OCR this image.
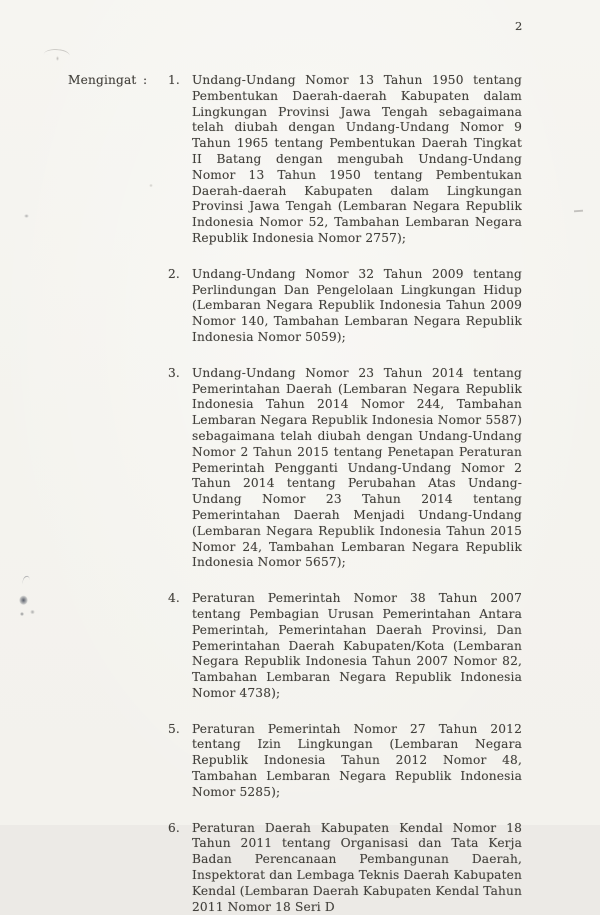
2
Mengingat :	1. Undang-Undang Nomor 13 Tahun 1950 tentang Pembentukan Daerah-daerah Kabupaten dalam Lingkungan Provinsi Jawa Tengah sebagaimana telah diubah dengan Undang-Undang Nomor 9 Tahun 1965 tentang Pembentukan Daerah Tingkat II Batang dengan mengubah Undang-Undang Nomor 13 Tahun 1950 tentang Pembentukan Daerah-daerah Kabupaten dalam Lingkungan Provinsi Jawa Tengah (Lembaran Negara Republik Indonesia Nomor 52, Tambahan Lembaran Negara Republik Indonesia Nomor 2757);
2. Undang-Undang Nomor 32 Tahun 2009 tentang Perlindungan Dan Pengelolaan Lingkungan Hidup (Lembaran Negara Republik Indonesia Tahun 2009 Nomor 140, Tambahan Lembaran Negara Republik Indonesia Nomor 5059);
3. Undang-Undang Nomor 23 Tahun 2014 tentang Pemerintahan Daerah (Lembaran Negara Republik Indonesia Tahun 2014 Nomor 244, Tambahan Lembaran Negara Republik Indonesia Nomor 5587) sebagaimana telah diubah dengan Undang-Undang Nomor 2 Tahun 2015 tentang Penetapan Peraturan Pemerintah Pengganti Undang-Undang Nomor 2 Tahun 2014 tentang Perubahan Atas Undang-Undang Nomor 23 Tahun 2014 tentang Pemerintahan Daerah Menjadi Undang-Undang (Lembaran Negara Republik Indonesia Tahun 2015 Nomor 24, Tambahan Lembaran Negara Republik Indonesia Nomor 5657);
4. Peraturan Pemerintah Nomor 38 Tahun 2007 tentang Pembagian Urusan Pemerintahan Antara Pemerintah, Pemerintahan Daerah Provinsi, Dan Pemerintahan Daerah Kabupaten/Kota (Lembaran Negara Republik Indonesia Tahun 2007 Nomor 82, Tambahan Lembaran Negara Republik Indonesia Nomor 4738);
5. Peraturan Pemerintah Nomor 27 Tahun 2012 tentang Izin Lingkungan (Lembaran Negara Republik Indonesia Tahun 2012 Nomor 48, Tambahan Lembaran Negara Republik Indonesia Nomor 5285);
6. Peraturan Daerah Kabupaten Kendal Nomor 18 Tahun 2011 tentang Organisasi dan Tata Kerja Badan Perencanaan Pembangunan Daerah, Inspektorat dan Lembaga Teknis Daerah Kabupaten Kendal (Lembaran Daerah Kabupaten Kendal Tahun 2011 Nomor 18 Seri D
